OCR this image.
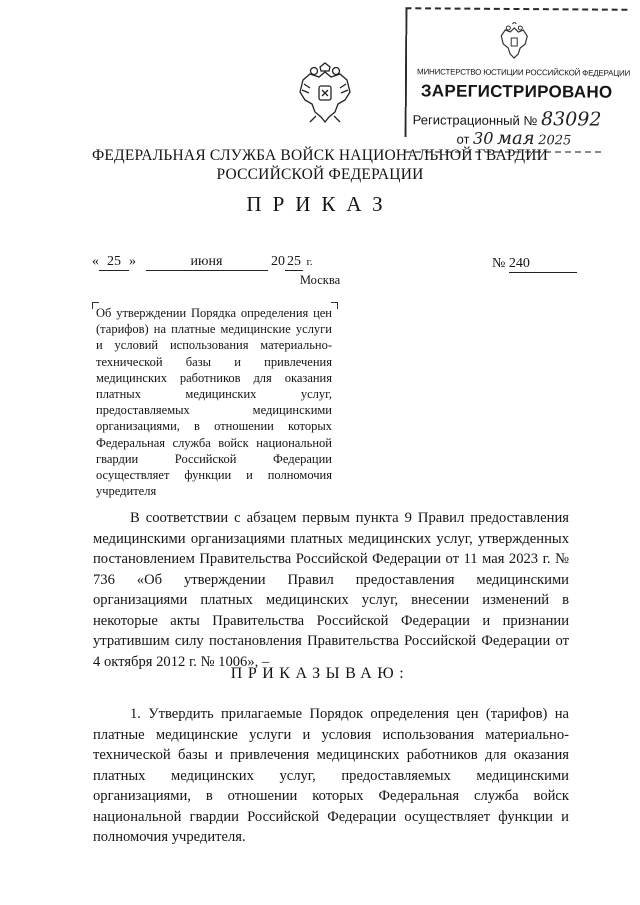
МИНИСТЕРСТВО ЮСТИЦИИ РОССИЙСКОЙ ФЕДЕРАЦИИ
ЗАРЕГИСТРИРОВАНО
Регистрационный № 83092
от 30 мая 2025
ФЕДЕРАЛЬНАЯ СЛУЖБА ВОЙСК НАЦИОНАЛЬНОЙ ГВАРДИИ
РОССИЙСКОЙ ФЕДЕРАЦИИ
ПРИКАЗ
« 25 »	июня	20 25 г.	№ 240
Москва
Об утверждении Порядка определения цен (тарифов) на платные медицинские услуги и условий использования материально-технической базы и привлечения медицинских работников для оказания платных медицинских услуг, предоставляемых медицинскими организациями, в отношении которых Федеральная служба войск национальной гвардии Российской Федерации осуществляет функции и полномочия учредителя
В соответствии с абзацем первым пункта 9 Правил предоставления медицинскими организациями платных медицинских услуг, утвержденных постановлением Правительства Российской Федерации от 11 мая 2023 г. № 736 «Об утверждении Правил предоставления медицинскими организациями платных медицинских услуг, внесении изменений в некоторые акты Правительства Российской Федерации и признании утратившим силу постановления Правительства Российской Федерации от 4 октября 2012 г. № 1006», –
ПРИКАЗЫВАЮ:
1. Утвердить прилагаемые Порядок определения цен (тарифов) на платные медицинские услуги и условия использования материально-технической базы и привлечения медицинских работников для оказания платных медицинских услуг, предоставляемых медицинскими организациями, в отношении которых Федеральная служба войск национальной гвардии Российской Федерации осуществляет функции и полномочия учредителя.
